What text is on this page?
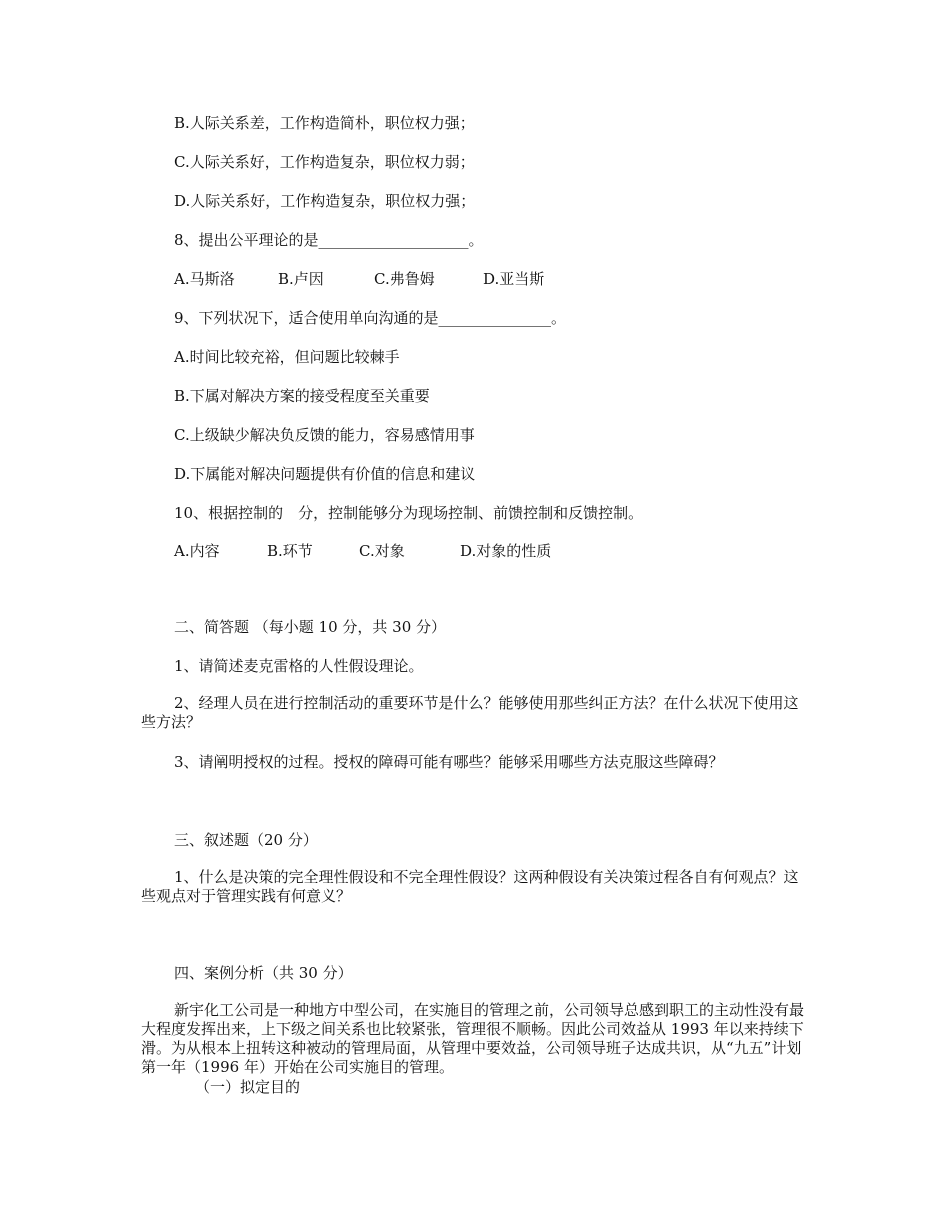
B.人际关系差，工作构造简朴，职位权力强；
C.人际关系好，工作构造复杂，职位权力弱；
D.人际关系好，工作构造复杂，职位权力强；
8、提出公平理论的是____________________。
A.马斯洛	B.卢因	C.弗鲁姆	D.亚当斯
9、下列状况下，适合使用单向沟通的是_______________。
A.时间比较充裕，但问题比较棘手
B.下属对解决方案的接受程度至关重要
C.上级缺少解决负反馈的能力，容易感情用事
D.下属能对解决问题提供有价值的信息和建议
10、根据控制的　分，控制能够分为现场控制、前馈控制和反馈控制。
A.内容	B.环节	C.对象	D.对象的性质
二、简答题 （每小题 10 分，共 30 分）
1、请简述麦克雷格的人性假设理论。
2、经理人员在进行控制活动的重要环节是什么？能够使用那些纠正方法？在什么状况下使用这些方法？
3、请阐明授权的过程。授权的障碍可能有哪些？能够采用哪些方法克服这些障碍？
三、叙述题（20 分）
1、什么是决策的完全理性假设和不完全理性假设？这两种假设有关决策过程各自有何观点？这些观点对于管理实践有何意义？
四、案例分析（共 30 分）
新宇化工公司是一种地方中型公司，在实施目的管理之前，公司领导总感到职工的主动性没有最大程度发挥出来，上下级之间关系也比较紧张，管理很不顺畅。因此公司效益从 1993 年以来持续下滑。为从根本上扭转这种被动的管理局面，从管理中要效益，公司领导班子达成共识，从“九五”计划第一年（1996 年）开始在公司实施目的管理。
（一）拟定目的
